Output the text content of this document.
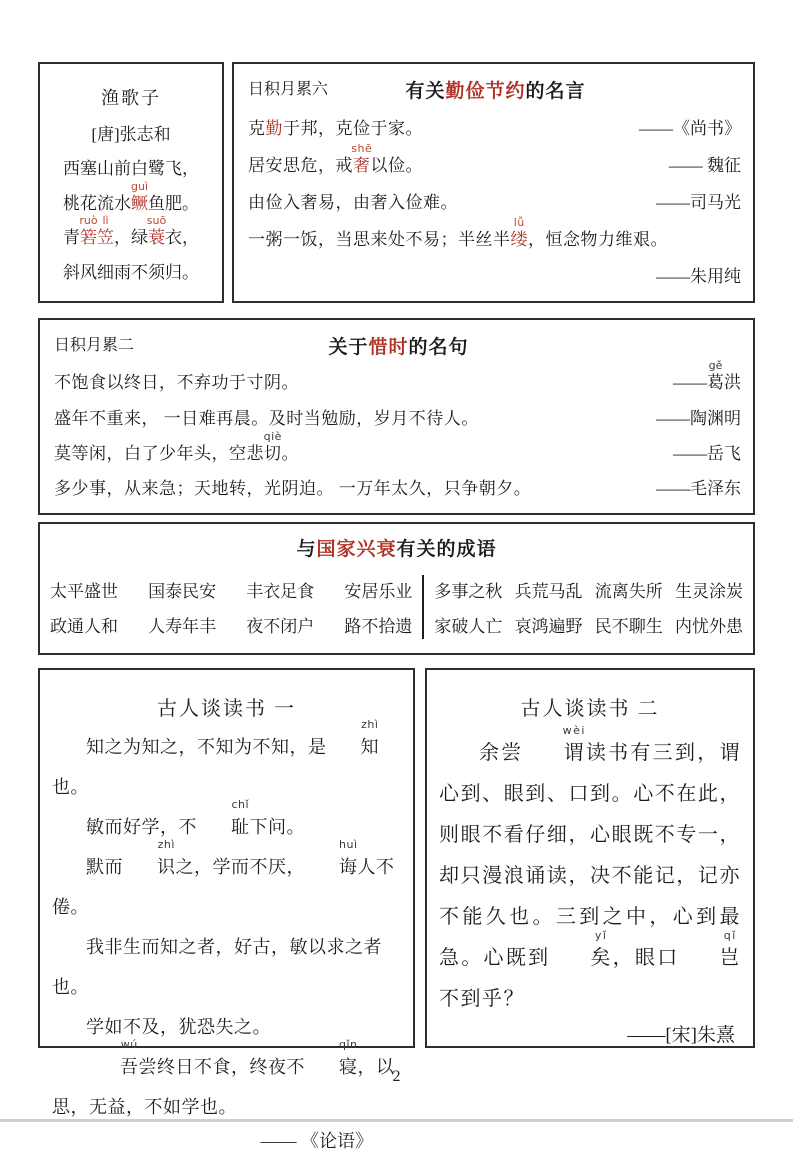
渔歌子
[唐]张志和
西塞山前白鹭飞，
桃花流水
guì
鳜鱼肥。
青
ruò
箬
lì
笠，绿
suō
蓑衣，
斜风细雨不须归。
日积月累六	有关勤俭节约的名言
克勤于邦，克俭于家。	——《尚书》
居安思危，戒
shē
奢以俭。	—— 魏征
由俭入奢易，由奢入俭难。	——司马光
一粥一饭，当思来处不易；半丝半
lǚ
缕，恒念物力维艰。
——朱用纯
日积月累二	关于惜时的名句
不饱食以终日，不弃功于寸阴。	——
gě
葛洪
盛年不重来， 一日难再晨。及时当勉励，岁月不待人。	——陶渊明
莫等闲，白了少年头，空悲
qiè
切。	——岳飞
多少事，从来急；天地转，光阴迫。 一万年太久，只争朝夕。	——毛泽东
与国家兴衰有关的成语
太平盛世 国泰民安 丰衣足食 安居乐业
政通人和 人寿年丰 夜不闭户 路不拾遗
多事之秋 兵荒马乱 流离失所 生灵涂炭
家破人亡 哀鸿遍野 民不聊生 内忧外患
古人谈读书 一

知之为知之，不知为不知，是
zhì
知也。

敏而好学，不
chǐ
耻下问。

默而
zhì
识之，学而不厌，
huì
诲人不倦。

我非生而知之者，好古，敏以求之者也。

学如不及，犹恐失之。

wú
吾尝终日不食，终夜不
qǐn
寝，以思，无益，不如学也。

—— 《论语》
古人谈读书 二

余尝
wèi
谓读书有三到，谓心到、眼到、口到。心不在此，则眼不看仔细，心眼既不专一，却只漫浪诵读，决不能记，记亦不能久也。三到之中，心到最急。心既到
yǐ
矣，眼口
qǐ
岂不到乎？

——[宋]朱熹
2
